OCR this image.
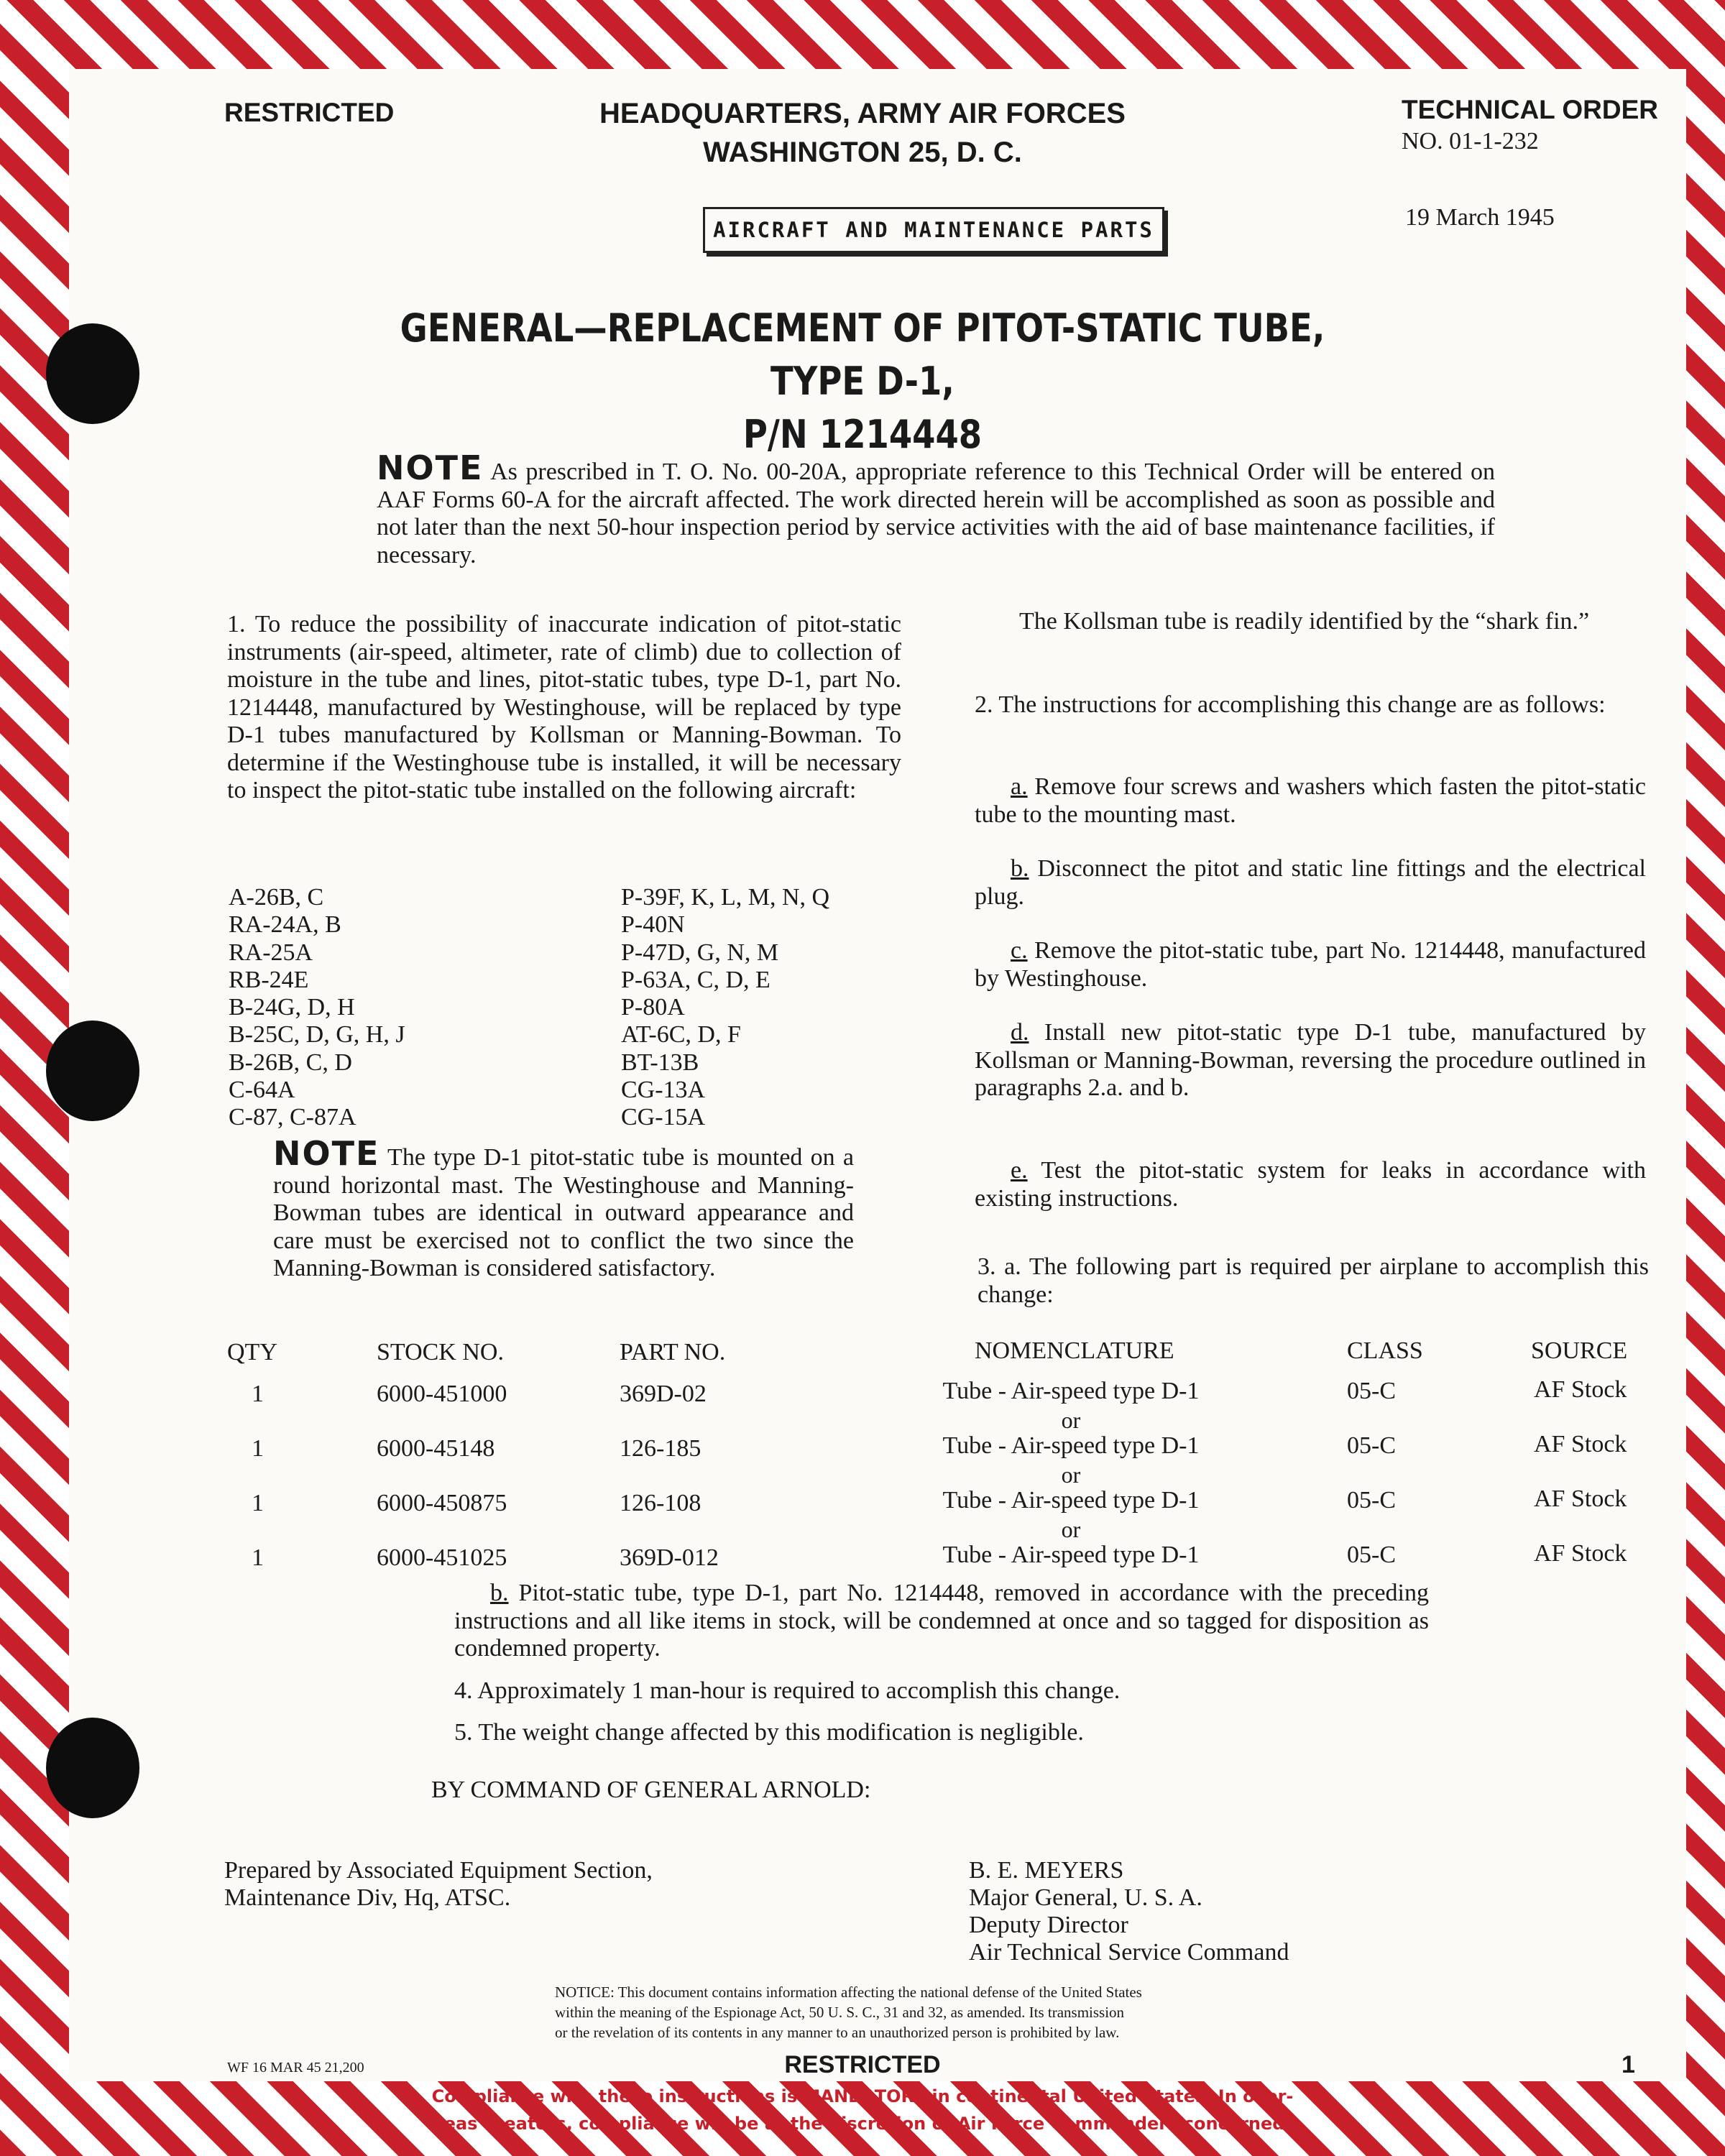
RESTRICTED	HEADQUARTERS, ARMY AIR FORCES
WASHINGTON 25, D. C.
TECHNICAL ORDER
NO. 01-1-232
AIRCRAFT AND MAINTENANCE PARTS	19 March 1945
GENERAL—REPLACEMENT OF PITOT-STATIC TUBE, TYPE D-1,
P/N 1214448
NOTE As prescribed in T. O. No. 00-20A, appropriate reference to this Technical Order will be entered on AAF Forms 60-A for the aircraft affected. The work directed herein will be accomplished as soon as possible and not later than the next 50-hour inspection period by service activities with the aid of base maintenance facilities, if necessary.
1. To reduce the possibility of inaccurate indication of pitot-static instruments (air-speed, altimeter, rate of climb) due to collection of moisture in the tube and lines, pitot-static tubes, type D-1, part No. 1214448, manufactured by Westinghouse, will be replaced by type D-1 tubes manufactured by Kollsman or Manning-Bowman. To determine if the Westinghouse tube is installed, it will be necessary to inspect the pitot-static tube installed on the following aircraft:
A-26B, C
RA-24A, B
RA-25A
RB-24E
B-24G, D, H
B-25C, D, G, H, J
B-26B, C, D
C-64A
C-87, C-87A
P-39F, K, L, M, N, Q
P-40N
P-47D, G, N, M
P-63A, C, D, E
P-80A
AT-6C, D, F
BT-13B
CG-13A
CG-15A
NOTE The type D-1 pitot-static tube is mounted on a round horizontal mast. The Westinghouse and Manning-Bowman tubes are identical in outward appearance and care must be exercised not to conflict the two since the Manning-Bowman is considered satisfactory.
The Kollsman tube is readily identified by the “shark fin.”
2. The instructions for accomplishing this change are as follows:
a. Remove four screws and washers which fasten the pitot-static tube to the mounting mast.
b. Disconnect the pitot and static line fittings and the electrical plug.
c. Remove the pitot-static tube, part No. 1214448, manufactured by Westinghouse.
d. Install new pitot-static type D-1 tube, manufactured by Kollsman or Manning-Bowman, reversing the procedure outlined in paragraphs 2.a. and b.
e. Test the pitot-static system for leaks in accordance with existing instructions.
3. a. The following part is required per airplane to accomplish this change:
QTY	STOCK NO.	PART NO.	NOMENCLATURE	CLASS	SOURCE
1	6000-451000	369D-02	Tube - Air-speed type D-1	05-C	AF Stock
or
1	6000-45148	126-185	Tube - Air-speed type D-1	05-C	AF Stock
or
1	6000-450875	126-108	Tube - Air-speed type D-1	05-C	AF Stock
or
1	6000-451025	369D-012	Tube - Air-speed type D-1	05-C	AF Stock
b. Pitot-static tube, type D-1, part No. 1214448, removed in accordance with the preceding instructions and all like items in stock, will be condemned at once and so tagged for disposition as condemned property.
4. Approximately 1 man-hour is required to accomplish this change.
5. The weight change affected by this modification is negligible.
BY COMMAND OF GENERAL ARNOLD:
Prepared by Associated Equipment Section,
Maintenance Div, Hq, ATSC.
B. E. MEYERS
Major General, U. S. A.
Deputy Director
Air Technical Service Command
NOTICE: This document contains information affecting the national defense of the United States
within the meaning of the Espionage Act, 50 U. S. C., 31 and 32, as amended. Its transmission
or the revelation of its contents in any manner to an unauthorized person is prohibited by law.
WF 16 MAR 45 21,200	RESTRICTED	1
Compliance with these instructions is MANDATORY in continental United States. In over-
seas theaters, compliance will be at the discretion of Air Force Commanders concerned.
